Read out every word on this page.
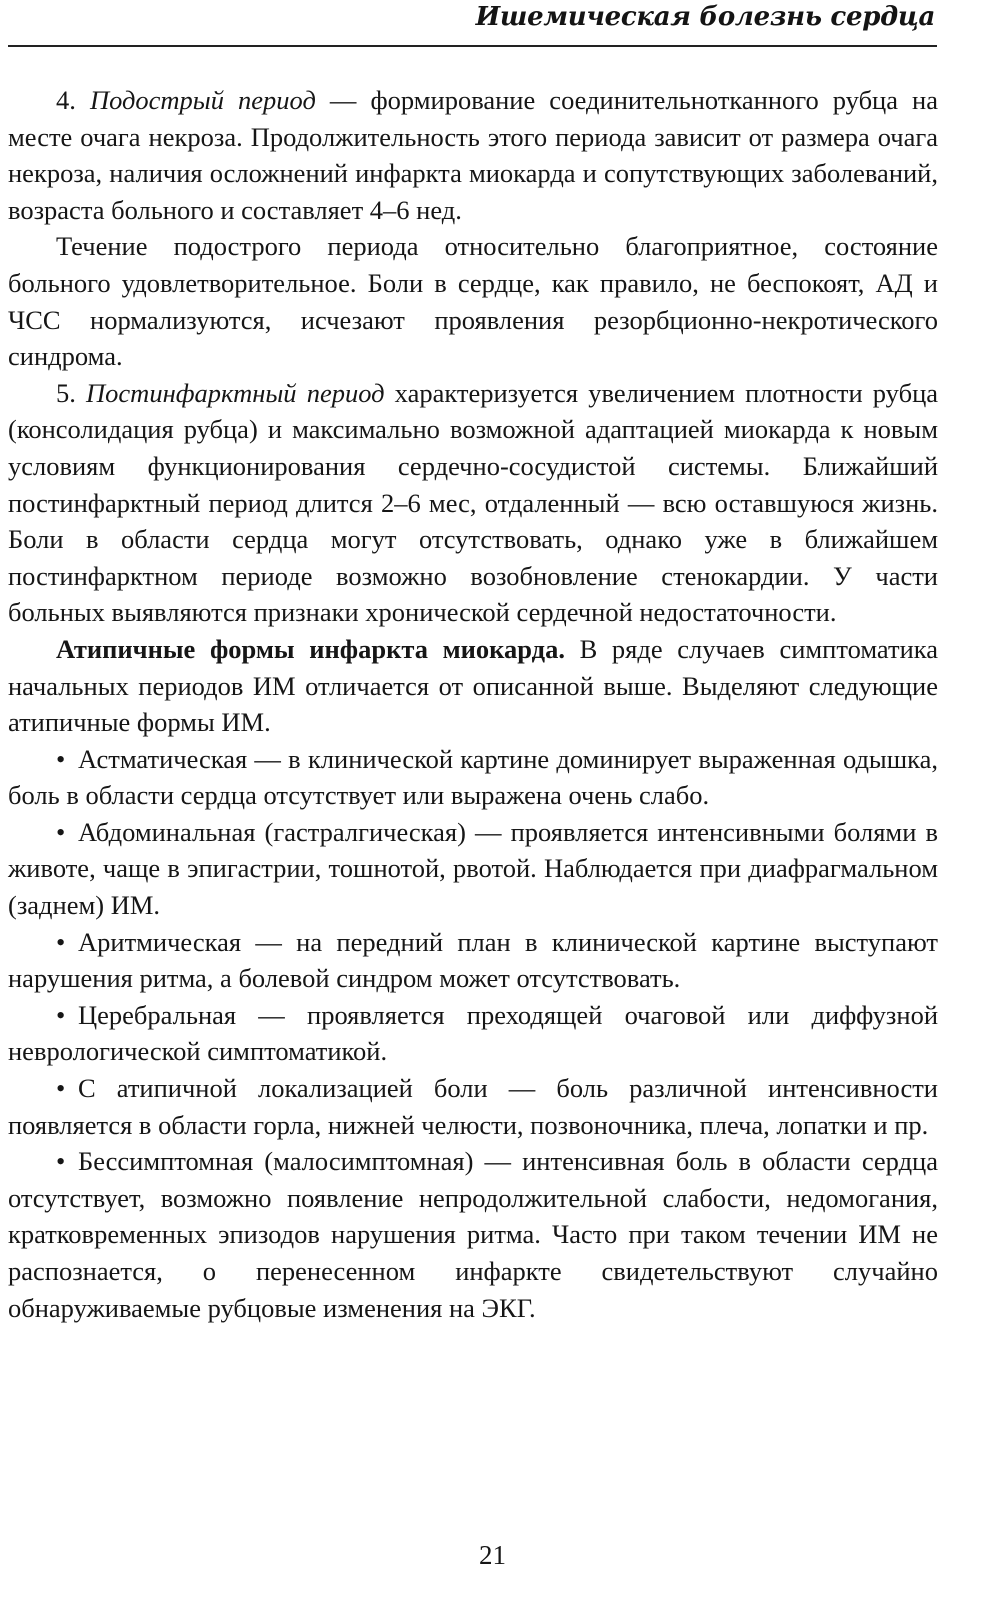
Ишемическая болезнь сердца

4. Подострый период — формирование соединительнотканного рубца на месте очага некроза. Продолжительность этого периода зависит от размера очага некроза, наличия осложнений инфаркта миокарда и сопутствующих заболеваний, возраста больного и составляет 4–6 нед.

Течение подострого периода относительно благоприятное, состояние больного удовлетворительное. Боли в сердце, как правило, не беспокоят, АД и ЧСС нормализуются, исчезают проявления резорбционно-некротического синдрома.

5. Постинфарктный период характеризуется увеличением плотности рубца (консолидация рубца) и максимально возможной адаптацией миокарда к новым условиям функционирования сердечно-сосудистой системы. Ближайший постинфарктный период длится 2–6 мес, отдаленный — всю оставшуюся жизнь. Боли в области сердца могут отсутствовать, однако уже в ближайшем постинфарктном периоде возможно возобновление стенокардии. У части больных выявляются признаки хронической сердечной недостаточности.

Атипичные формы инфаркта миокарда. В ряде случаев симптоматика начальных периодов ИМ отличается от описанной выше. Выделяют следующие атипичные формы ИМ.

• Астматическая — в клинической картине доминирует выраженная одышка, боль в области сердца отсутствует или выражена очень слабо.

• Абдоминальная (гастралгическая) — проявляется интенсивными болями в животе, чаще в эпигастрии, тошнотой, рвотой. Наблюдается при диафрагмальном (заднем) ИМ.

• Аритмическая — на передний план в клинической картине выступают нарушения ритма, а болевой синдром может отсутствовать.

• Церебральная — проявляется преходящей очаговой или диффузной неврологической симптоматикой.

• С атипичной локализацией боли — боль различной интенсивности появляется в области горла, нижней челюсти, позвоночника, плеча, лопатки и пр.

• Бессимптомная (малосимптомная) — интенсивная боль в области сердца отсутствует, возможно появление непродолжительной слабости, недомогания, кратковременных эпизодов нарушения ритма. Часто при таком течении ИМ не распознается, о перенесенном инфаркте свидетельствуют случайно обнаруживаемые рубцовые изменения на ЭКГ.

21
